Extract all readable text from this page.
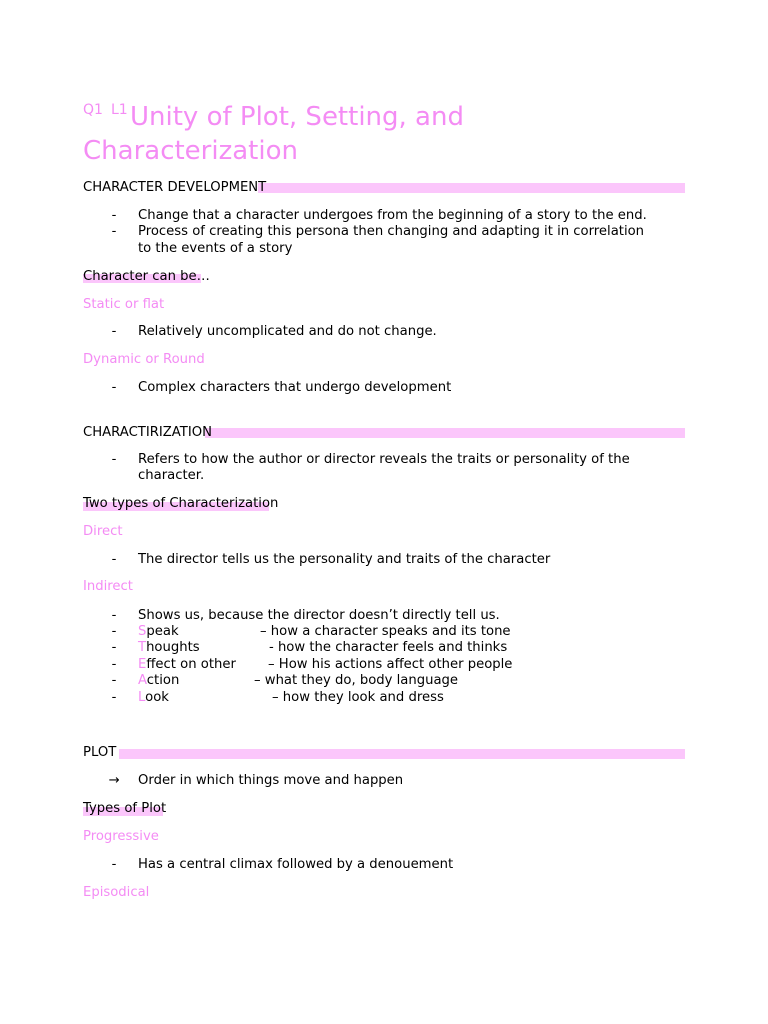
Q1 L1 Unity of Plot, Setting, and
Characterization
CHARACTER DEVELOPMENT
- Change that a character undergoes from the beginning of a story to the end.
- Process of creating this persona then changing and adapting it in correlation
to the events of a story
Character can be…
Static or flat
- Relatively uncomplicated and do not change.
Dynamic or Round
- Complex characters that undergo development
CHARACTIRIZATION
- Refers to how the author or director reveals the traits or personality of the
character.
Two types of Characterization
Direct
- The director tells us the personality and traits of the character
Indirect
- Shows us, because the director doesn’t directly tell us.
- Speak	– how a character speaks and its tone
- Thoughts	- how the character feels and thinks
- Effect on other – How his actions affect other people
- Action	– what they do, body language
- Look	– how they look and dress
PLOT
→ Order in which things move and happen
Types of Plot
Progressive
- Has a central climax followed by a denouement
Episodical
